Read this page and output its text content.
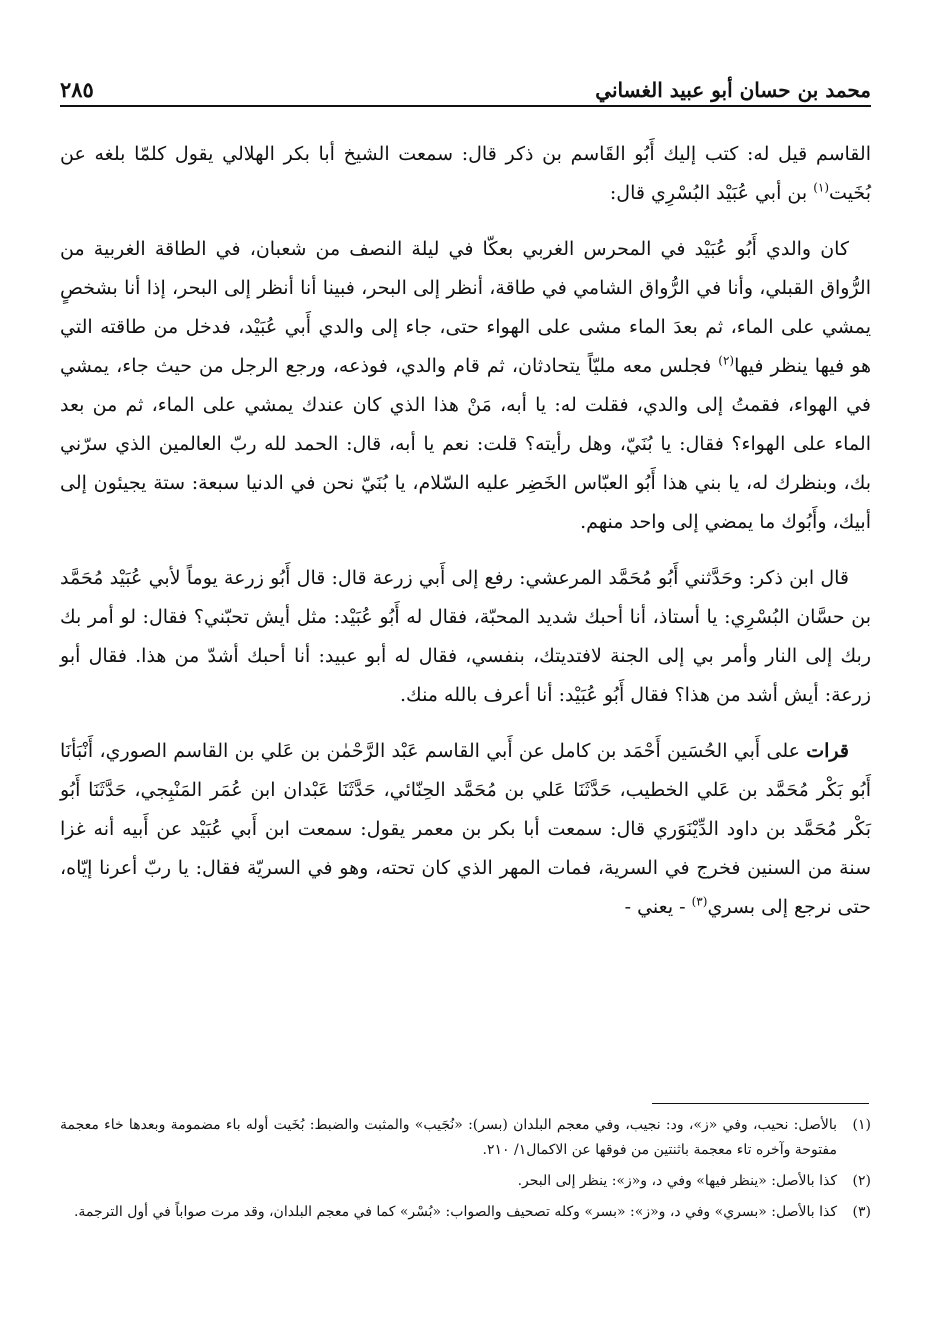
محمد بن حسان أبو عبيد الغساني
٢٨٥

القاسم قيل له: كتب إليك أَبُو القَاسم بن ذكر قال: سمعت الشيخ أبا بكر الهلالي يقول كلمّا بلغه عن بُخَيت$^{(١)}$ بن أبي عُبَيْد البُسْرِي قال:

كان والدي أَبُو عُبَيْد في المحرس الغربي بعكّا في ليلة النصف من شعبان، في الطاقة الغربية من الرُّواق القبلي، وأنا في الرُّواق الشامي في طاقة، أنظر إلى البحر، فبينا أنا أنظر إلى البحر، إذا أنا بشخصٍ يمشي على الماء، ثم بعدَ الماء مشى على الهواء حتى، جاء إلى والدي أَبي عُبَيْد، فدخل من طاقته التي هو فيها ينظر فيها$^{(٢)}$ فجلس معه مليّاً يتحادثان، ثم قام والدي، فوذعه، ورجع الرجل من حيث جاء، يمشي في الهواء، فقمتُ إلى والدي، فقلت له: يا أبه، مَنْ هذا الذي كان عندك يمشي على الماء، ثم من بعد الماء على الهواء؟ فقال: يا بُنَيّ، وهل رأيته؟ قلت: نعم يا أبه، قال: الحمد لله ربّ العالمين الذي سرّني بك، وبنظرك له، يا بني هذا أَبُو العبّاس الخَضِر عليه السّلام، يا بُنَيّ نحن في الدنيا سبعة: ستة يجيئون إلى أبيك، وأَبُوك ما يمضي إلى واحد منهم.

قال ابن ذكر: وحَدَّثني أَبُو مُحَمَّد المرعشي: رفع إلى أَبي زرعة قال: قال أَبُو زرعة يوماً لأبي عُبَيْد مُحَمَّد بن حسَّان البُسْرِي: يا أستاذ، أنا أحبك شديد المحبّة، فقال له أَبُو عُبَيْد: مثل أيش تحبّني؟ فقال: لو أمر بك ربك إلى النار وأمر بي إلى الجنة لافتديتك، بنفسي، فقال له أبو عبيد: أنا أحبك أشدّ من هذا. فقال أبو زرعة: أيش أشد من هذا؟ فقال أَبُو عُبَيْد: أنا أعرف بالله منك.

قرات على أَبي الحُسَين أَحْمَد بن كامل عن أَبي القاسم عَبْد الرَّحْمٰن بن عَلي بن القاسم الصوري، أَنْبَأنَا أَبُو بَكْر مُحَمَّد بن عَلي الخطيب، حَدَّثَنَا عَلي بن مُحَمَّد الحِنّائي، حَدَّثَنَا عَبْدان ابن عُمَر المَنْبِجي، حَدَّثَنَا أَبُو بَكْر مُحَمَّد بن داود الدِّيْنَوَري قال: سمعت أبا بكر بن معمر يقول: سمعت ابن أَبي عُبَيْد عن أَبيه أنه غزا سنة من السنين فخرج في السرية، فمات المهر الذي كان تحته، وهو في السريّة فقال: يا ربّ أعرنا إيّاه، حتى نرجع إلى بسري$^{(٣)}$ - يعني -

(١)
بالأصل: نحيب، وفي «ز»، ود: نجيب، وفي معجم البلدان (بسر): «نُجَيب» والمثبت والضبط: بُخَيت أوله باء مضمومة وبعدها خاء معجمة مفتوحة وآخره تاء معجمة باثنتين من فوقها عن الاكمال١/ ٢١٠.
(٢)
كذا بالأصل: «ينظر فيها» وفي د، و«ز»: ينظر إلى البحر.
(٣)
كذا بالأصل: «بسري» وفي د، و«ز»: «بسر» وكله تصحيف والصواب: «بُسْر» كما في معجم البلدان، وقد مرت صواباً في أول الترجمة.
